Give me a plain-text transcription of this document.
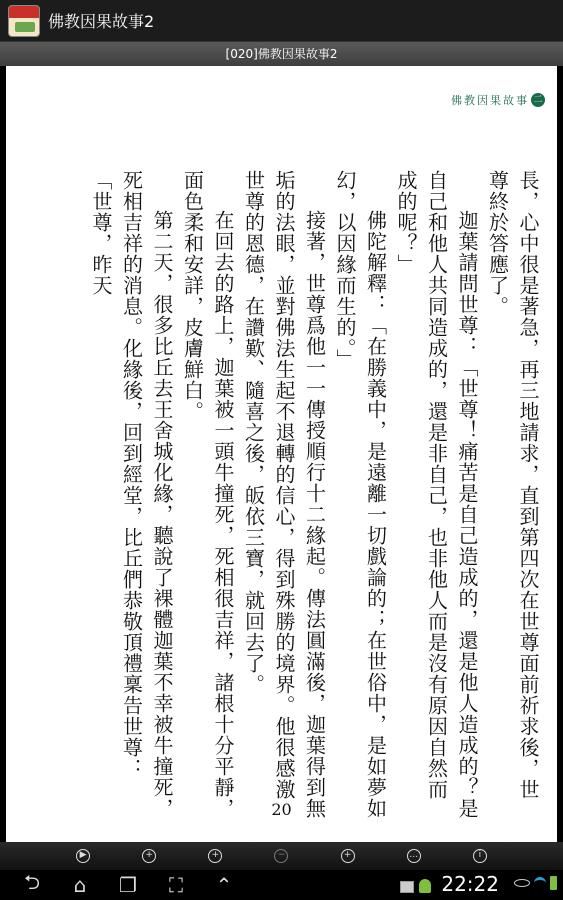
佛教因果故事2
[020]佛教因果故事2
佛教因果故事 二

長，心中很是著急，再三地請求，直到第四次在世尊面前祈求後，世尊終於答應了。

迦葉請問世尊：「世尊！痛苦是自己造成的，還是他人造成的？是自己和他人共同造成的，還是非自己，也非他人而是沒有原因自然而成的呢？」

佛陀解釋：「在勝義中，是遠離一切戲論的；在世俗中，是如夢如幻，以因緣而生的。」

接著，世尊爲他一一傳授順行十二緣起。傳法圓滿後，迦葉得到無垢的法眼，並對佛法生起不退轉的信心，得到殊勝的境界。他很感激世尊的恩德，在讚歎、隨喜之後，皈依三寶，就回去了。

在回去的路上，迦葉被一頭牛撞死，死相很吉祥，諸根十分平靜，面色柔和安詳，皮膚鮮白。

第二天，很多比丘去王舍城化緣，聽說了裸體迦葉不幸被牛撞死，死相吉祥的消息。化緣後，回到經堂，比丘們恭敬頂禮稟告世尊：「世尊，昨天

20
▶	+	+	−	+	…	i
⮌	⌂	❐	⛶	⌃
	22:22
